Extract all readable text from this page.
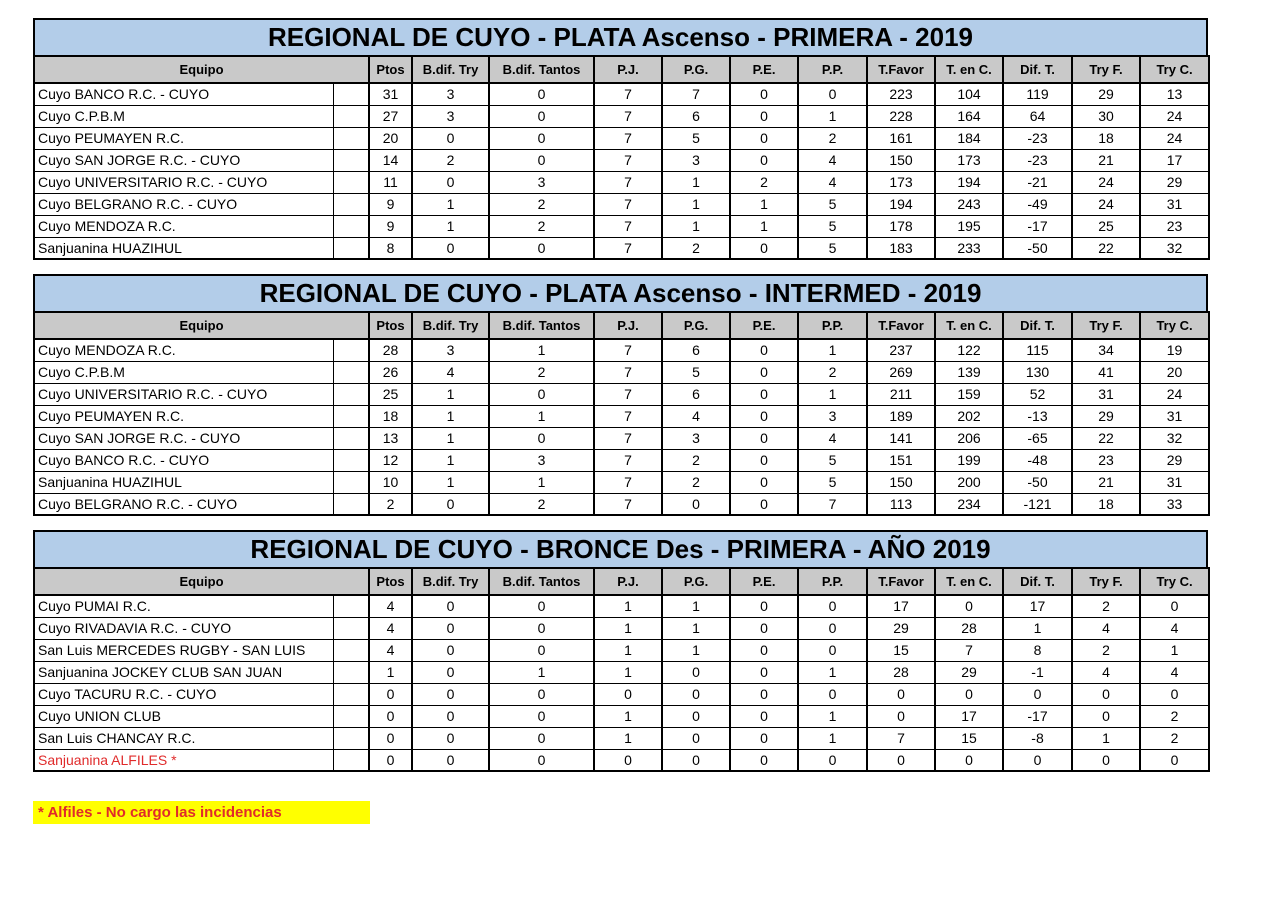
REGIONAL DE CUYO - PLATA Ascenso - PRIMERA - 2019
Equipo		Ptos	B.dif. Try	B.dif. Tantos	P.J.	P.G.	P.E.	P.P.	T.Favor	T. en C.	Dif. T.	Try F.	Try C.
Cuyo BANCO R.C. - CUYO		31	3	0	7	7	0	0	223	104	119	29	13
Cuyo C.P.B.M		27	3	0	7	6	0	1	228	164	64	30	24
Cuyo PEUMAYEN R.C.		20	0	0	7	5	0	2	161	184	-23	18	24
Cuyo SAN JORGE R.C. - CUYO		14	2	0	7	3	0	4	150	173	-23	21	17
Cuyo UNIVERSITARIO R.C. - CUYO		11	0	3	7	1	2	4	173	194	-21	24	29
Cuyo BELGRANO R.C. - CUYO		9	1	2	7	1	1	5	194	243	-49	24	31
Cuyo MENDOZA R.C.		9	1	2	7	1	1	5	178	195	-17	25	23
Sanjuanina HUAZIHUL		8	0	0	7	2	0	5	183	233	-50	22	32
REGIONAL DE CUYO - PLATA Ascenso - INTERMED - 2019
Equipo		Ptos	B.dif. Try	B.dif. Tantos	P.J.	P.G.	P.E.	P.P.	T.Favor	T. en C.	Dif. T.	Try F.	Try C.
Cuyo MENDOZA R.C.		28	3	1	7	6	0	1	237	122	115	34	19
Cuyo C.P.B.M		26	4	2	7	5	0	2	269	139	130	41	20
Cuyo UNIVERSITARIO R.C. - CUYO		25	1	0	7	6	0	1	211	159	52	31	24
Cuyo PEUMAYEN R.C.		18	1	1	7	4	0	3	189	202	-13	29	31
Cuyo SAN JORGE R.C. - CUYO		13	1	0	7	3	0	4	141	206	-65	22	32
Cuyo BANCO R.C. - CUYO		12	1	3	7	2	0	5	151	199	-48	23	29
Sanjuanina HUAZIHUL		10	1	1	7	2	0	5	150	200	-50	21	31
Cuyo BELGRANO R.C. - CUYO		2	0	2	7	0	0	7	113	234	-121	18	33
REGIONAL DE CUYO - BRONCE Des - PRIMERA - AÑO 2019
Equipo		Ptos	B.dif. Try	B.dif. Tantos	P.J.	P.G.	P.E.	P.P.	T.Favor	T. en C.	Dif. T.	Try F.	Try C.
Cuyo PUMAI R.C.		4	0	0	1	1	0	0	17	0	17	2	0
Cuyo RIVADAVIA R.C. - CUYO		4	0	0	1	1	0	0	29	28	1	4	4
San Luis MERCEDES RUGBY - SAN LUIS		4	0	0	1	1	0	0	15	7	8	2	1
Sanjuanina JOCKEY CLUB SAN JUAN		1	0	1	1	0	0	1	28	29	-1	4	4
Cuyo TACURU R.C. - CUYO		0	0	0	0	0	0	0	0	0	0	0	0
Cuyo UNION CLUB		0	0	0	1	0	0	1	0	17	-17	0	2
San Luis CHANCAY R.C.		0	0	0	1	0	0	1	7	15	-8	1	2
Sanjuanina ALFILES *		0	0	0	0	0	0	0	0	0	0	0	0
* Alfiles - No cargo las incidencias
